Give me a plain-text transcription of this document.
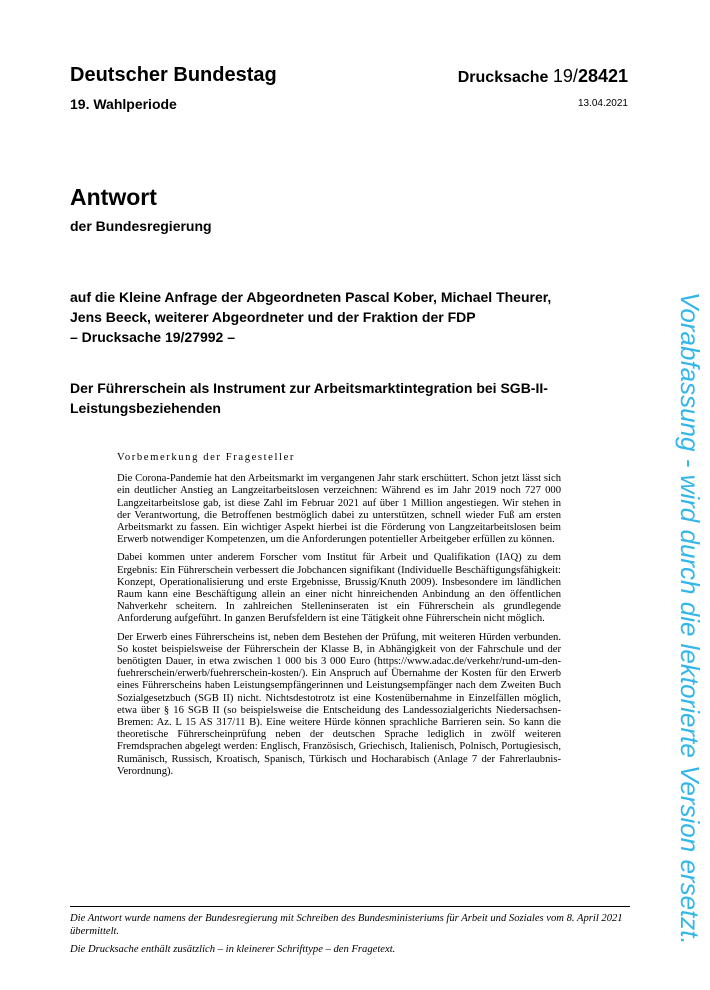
Deutscher Bundestag
19. Wahlperiode
Drucksache 19/28421
13.04.2021
Antwort
der Bundesregierung
auf die Kleine Anfrage der Abgeordneten Pascal Kober, Michael Theurer,
Jens Beeck, weiterer Abgeordneter und der Fraktion der FDP
– Drucksache 19/27992 –
Der Führerschein als Instrument zur Arbeitsmarktintegration bei SGB-II-Leistungsbeziehenden
Vorbemerkung der Fragesteller

Die Corona-Pandemie hat den Arbeitsmarkt im vergangenen Jahr stark erschüttert. Schon jetzt lässt sich ein deutlicher Anstieg an Langzeitarbeitslosen verzeichnen: Während es im Jahr 2019 noch 727 000 Langzeitarbeitslose gab, ist diese Zahl im Februar 2021 auf über 1 Million angestiegen. Wir stehen in der Verantwortung, die Betroffenen bestmöglich dabei zu unterstützen, schnell wieder Fuß am ersten Arbeitsmarkt zu fassen. Ein wichtiger Aspekt hierbei ist die Förderung von Langzeitarbeitslosen beim Erwerb notwendiger Kompetenzen, um die Anforderungen potentieller Arbeitgeber erfüllen zu können.

Dabei kommen unter anderem Forscher vom Institut für Arbeit und Qualifikation (IAQ) zu dem Ergebnis: Ein Führerschein verbessert die Jobchancen signifikant (Individuelle Beschäftigungsfähigkeit: Konzept, Operationalisierung und erste Ergebnisse, Brussig/Knuth 2009). Insbesondere im ländlichen Raum kann eine Beschäftigung allein an einer nicht hinreichenden Anbindung an den öffentlichen Nahverkehr scheitern. In zahlreichen Stelleninseraten ist ein Führerschein als grundlegende Anforderung aufgeführt. In ganzen Berufsfeldern ist eine Tätigkeit ohne Führerschein nicht möglich.

Der Erwerb eines Führerscheins ist, neben dem Bestehen der Prüfung, mit weiteren Hürden verbunden. So kostet beispielsweise der Führerschein der Klasse B, in Abhängigkeit von der Fahrschule und der benötigten Dauer, in etwa zwischen 1 000 bis 3 000 Euro (https://www.adac.de/verkehr/rund-um-den-fuehrerschein/erwerb/fuehrerschein-kosten/). Ein Anspruch auf Übernahme der Kosten für den Erwerb eines Führerscheins haben Leistungsempfängerinnen und Leistungsempfänger nach dem Zweiten Buch Sozialgesetzbuch (SGB II) nicht. Nichtsdestotrotz ist eine Kostenübernahme in Einzelfällen möglich, etwa über § 16 SGB II (so beispielsweise die Entscheidung des Landessozialgerichts Niedersachsen-Bremen: Az. L 15 AS 317/11 B). Eine weitere Hürde können sprachliche Barrieren sein. So kann die theoretische Führerscheinprüfung neben der deutschen Sprache lediglich in zwölf weiteren Fremdsprachen abgelegt werden: Englisch, Französisch, Griechisch, Italienisch, Polnisch, Portugiesisch, Rumänisch, Russisch, Kroatisch, Spanisch, Türkisch und Hocharabisch (Anlage 7 der Fahrerlaubnis-Verordnung).

Die Antwort wurde namens der Bundesregierung mit Schreiben des Bundesministeriums für Arbeit und Soziales vom 8. April 2021 übermittelt.

Die Drucksache enthält zusätzlich – in kleinerer Schrifttype – den Fragetext.

Vorabfassung - wird durch die lektorierte Version ersetzt.
